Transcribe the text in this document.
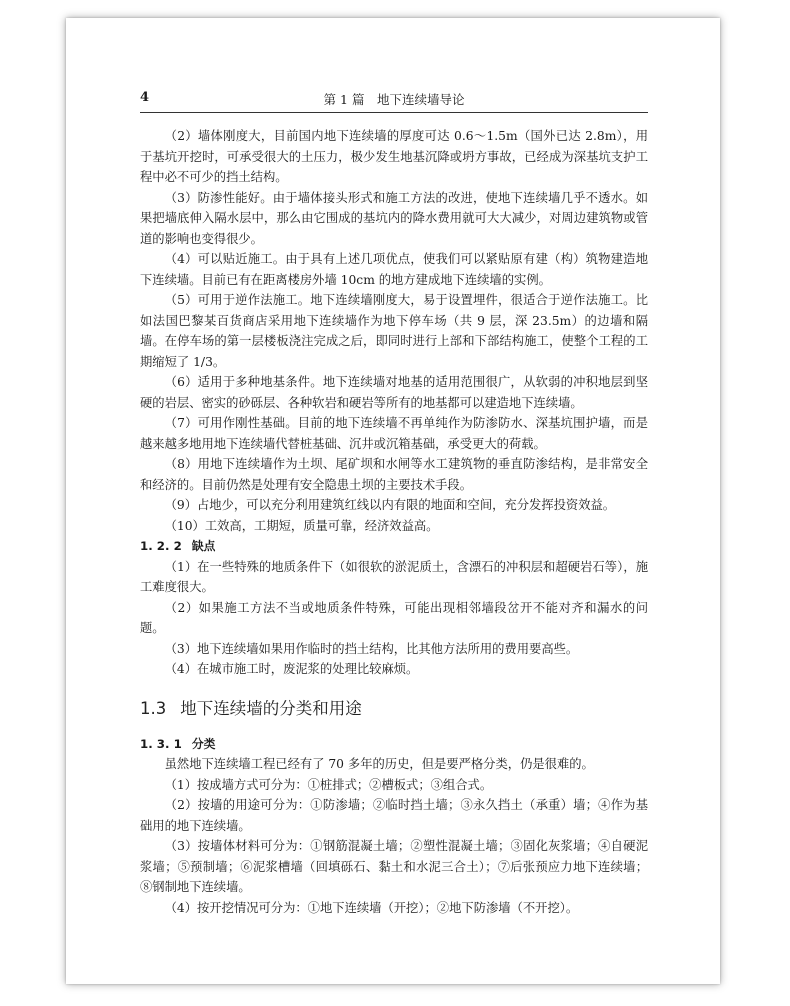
4	第 1 篇　地下连续墙导论

（2）墙体刚度大，目前国内地下连续墙的厚度可达 0.6～1.5m（国外已达 2.8m），用于基坑开挖时，可承受很大的土压力，极少发生地基沉降或坍方事故，已经成为深基坑支护工程中必不可少的挡土结构。

（3）防渗性能好。由于墙体接头形式和施工方法的改进，使地下连续墙几乎不透水。如果把墙底伸入隔水层中，那么由它围成的基坑内的降水费用就可大大减少，对周边建筑物或管道的影响也变得很少。

（4）可以贴近施工。由于具有上述几项优点，使我们可以紧贴原有建（构）筑物建造地下连续墙。目前已有在距离楼房外墙 10cm 的地方建成地下连续墙的实例。

（5）可用于逆作法施工。地下连续墙刚度大，易于设置埋件，很适合于逆作法施工。比如法国巴黎某百货商店采用地下连续墙作为地下停车场（共 9 层，深 23.5m）的边墙和隔墙。在停车场的第一层楼板浇注完成之后，即同时进行上部和下部结构施工，使整个工程的工期缩短了 1/3。

（6）适用于多种地基条件。地下连续墙对地基的适用范围很广，从软弱的冲积地层到坚硬的岩层、密实的砂砾层、各种软岩和硬岩等所有的地基都可以建造地下连续墙。

（7）可用作刚性基础。目前的地下连续墙不再单纯作为防渗防水、深基坑围护墙，而是越来越多地用地下连续墙代替桩基础、沉井或沉箱基础，承受更大的荷载。

（8）用地下连续墙作为土坝、尾矿坝和水闸等水工建筑物的垂直防渗结构，是非常安全和经济的。目前仍然是处理有安全隐患土坝的主要技术手段。

（9）占地少，可以充分利用建筑红线以内有限的地面和空间，充分发挥投资效益。

（10）工效高，工期短，质量可靠，经济效益高。

1. 2. 2 缺点

（1）在一些特殊的地质条件下（如很软的淤泥质土，含漂石的冲积层和超硬岩石等），施工难度很大。

（2）如果施工方法不当或地质条件特殊，可能出现相邻墙段岔开不能对齐和漏水的问题。

（3）地下连续墙如果用作临时的挡土结构，比其他方法所用的费用要高些。

（4）在城市施工时，废泥浆的处理比较麻烦。

1.3 地下连续墙的分类和用途
1. 3. 1 分类

虽然地下连续墙工程已经有了 70 多年的历史，但是要严格分类，仍是很难的。

（1）按成墙方式可分为：①桩排式；②槽板式；③组合式。

（2）按墙的用途可分为：①防渗墙；②临时挡土墙；③永久挡土（承重）墙；④作为基础用的地下连续墙。

（3）按墙体材料可分为：①钢筋混凝土墙；②塑性混凝土墙；③固化灰浆墙；④自硬泥浆墙；⑤预制墙；⑥泥浆槽墙（回填砾石、黏土和水泥三合土）；⑦后张预应力地下连续墙；⑧钢制地下连续墙。

（4）按开挖情况可分为：①地下连续墙（开挖）；②地下防渗墙（不开挖）。
